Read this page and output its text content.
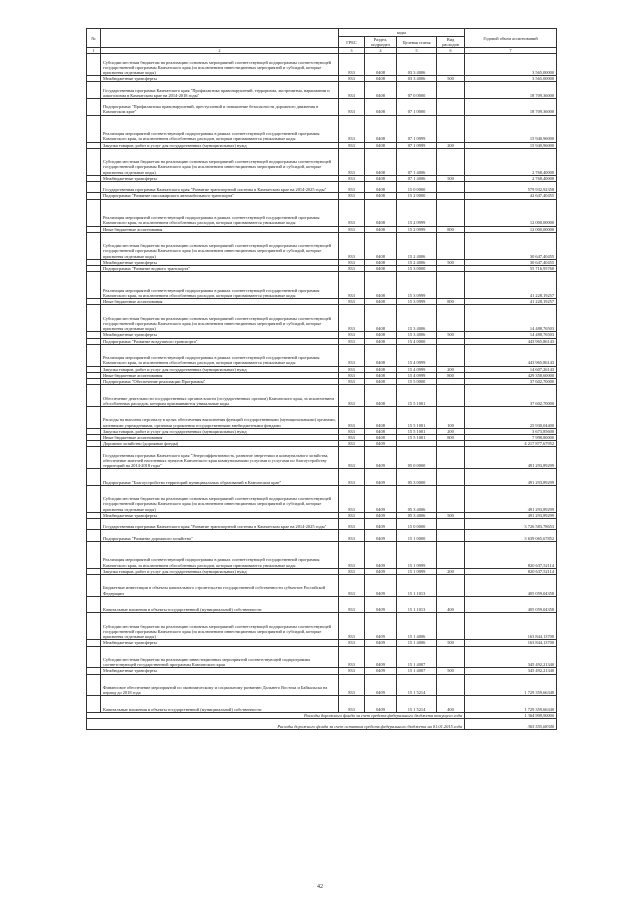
№		коды				Годовой объем ассигнований
		ГРБС	Раздел, подраздел	Целевая статья	Вид расходов	
1	2	3	4	5	6	7
	Субсидии местным бюджетам на реализацию основных мероприятий соответствующей подпрограммы соответствующей государственной программы Камчатского края (за исключением инвестиционных мероприятий и субсидий, которые присвоены отдельные коды)	833	0408	03 3 4006		3 565,00000
	Межбюджетные трансферты	833	0408	03 3 4006	500	3 565,00000
	Государственная программа Камчатского края "Профилактика правонарушений, терроризма, экстремизма, наркомании и алкоголизма в Камчатском крае на 2014-2018 годы"	833	0408	07 0 0000		18 709,36000
	Подпрограмма "Профилактика правонарушений, преступлений и повышение безопасности дорожного движения в Камчатском крае"	833	0408	07 1 0000		18 709,36000
	Реализация мероприятий соответствующей подпрограммы в рамках соответствующей государственной программы Камчатского края, за исключением обособленных расходов, которым присваиваются уникальные коды	833	0408	07 1 0999		15 940,96000
	Закупка товаров, работ и услуг для государственных (муниципальных) нужд	833	0408	07 1 0999	200	15 940,96000
	Субсидии местным бюджетам на реализацию основных мероприятий соответствующей подпрограммы соответствующей государственной программы Камчатского края (за исключением инвестиционных мероприятий и субсидий, которые присвоены отдельные коды)	833	0408	07 1 4006		2 768,40000
	Межбюджетные трансферты	833	0408	07 1 4006	500	2 768,40000
	Государственная программа Камчатского края "Развитие транспортной системы в Камчатском крае на 2014-2025 годы"	833	0408	15 0 0000		579 932,92358
	Подпрограмма "Развитие пассажирского автомобильного транспорта"	833	0408	15 2 0000		42 647,40455
	Реализация мероприятий соответствующей подпрограммы в рамках соответствующей государственной программы Камчатского края, за исключением обособленных расходов, которым присваиваются уникальные коды	833	0408	15 2 0999		12 000,00000
	Иные бюджетные ассигнования	833	0408	15 2 0999	800	12 000,00000
	Субсидии местным бюджетам на реализацию основных мероприятий соответствующей подпрограммы соответствующей государственной программы Камчатского края (за исключением инвестиционных мероприятий и субсидий, которые присвоены отдельные коды)	833	0408	15 2 4006		30 647,40455
	Межбюджетные трансферты	833	0408	15 2 4006	500	30 647,40455
	Подпрограмма "Развитие водного транспорта"	833	0408	15 3 0000		55 716,95760
	Реализация мероприятий соответствующей подпрограммы в рамках соответствующей государственной программы Камчатского края, за исключением обособленных расходов, которым присваиваются уникальные коды	833	0408	15 3 0999		41 228,19257
	Иные бюджетные ассигнования	833	0408	15 3 0999	800	41 228,19257
	Субсидии местным бюджетам на реализацию основных мероприятий соответствующей подпрограммы соответствующей государственной программы Камчатского края (за исключением инвестиционных мероприятий и субсидий, которые присвоены отдельные коды)	833	0408	15 3 4006		14 488,76503
	Межбюджетные трансферты	833	0408	15 3 4006	500	14 488,76503
	Подпрограмма "Развитие воздушного транспорта"	833	0408	15 4 0000		443 965,86143
	Реализация мероприятий соответствующей подпрограммы в рамках соответствующей государственной программы Камчатского края, за исключением обособленных расходов, которым присваиваются уникальные коды	833	0408	15 4 0999		443 965,86143
	Закупка товаров, работ и услуг для государственных (муниципальных) нужд	833	0408	15 4 0999	200	14 607,26143
	Иные бюджетные ассигнования	833	0408	15 4 0999	800	429 358,60000
	Подпрограмма "Обеспечение реализации Программы"	833	0408	15 5 0000		37 602,70000
	Обеспечение деятельности государственных органов власти (государственных органов) Камчатского края, за исключением обособленных расходов, которым присваиваются уникальные коды	833	0408	15 5 1001		37 602,70000
	Расходы на выплаты персоналу в целях обеспечения выполнения функций государственными (муниципальными) органами, казенными учреждениями, органами управления государственными внебюджетными фондами	833	0408	15 5 1001	100	25 930,04400
	Закупка товаров, работ и услуг для государственных (муниципальных) нужд	833	0408	15 5 1001	200	3 673,85600
	Иные бюджетные ассигнования	833	0408	15 5 1001	800	7 998,80000
	Дорожное хозяйство (дорожные фонды)	833	0409			4 217 877,67952
	Государственная программа Камчатского края "Энергоэффективность, развитие энергетики и коммунального хозяйства, обеспечение жителей населенных пунктов Камчатского края коммунальными услугами и услугами по благоустройству территорий на 2014-2018 годы"	833	0409	05 0 0000		491 293,89299
	Подпрограмма "Благоустройство территорий муниципальных образований в Камчатском крае"	833	0409	05 3 0000		491 293,89299
	Субсидии местным бюджетам на реализацию основных мероприятий соответствующей подпрограммы соответствующей государственной программы Камчатского края (за исключением инвестиционных мероприятий и субсидий, которые присвоены отдельные коды)	833	0409	05 3 4006		491 293,89299
	Межбюджетные трансферты	833	0409	05 3 4006	500	491 293,89299
	Государственная программа Камчатского края "Развитие транспортной системы в Камчатском крае на 2014-2025 годы"	833	0409	15 0 0000		3 726 583,78653
	Подпрограмма "Развитие дорожного хозяйства"	833	0409	15 1 0000		3 639 065,67852
	Реализация мероприятий соответствующей подпрограммы в рамках соответствующей государственной программы Камчатского края, за исключением обособленных расходов, которым присваиваются уникальные коды	833	0409	15 1 0999		820 637,52114
	Закупка товаров, работ и услуг для государственных (муниципальных) нужд	833	0409	15 1 0999	200	820 637,52114
	Бюджетные инвестиции в объекты капитального строительства государственной собственности субъектов Российской Федерации	833	0409	15 1 1013		405 059,04358
	Капитальные вложения в объекты государственной (муниципальной) собственности	833	0409	15 1 1013	400	405 059,04358
	Субсидии местным бюджетам на реализацию основных мероприятий соответствующей подпрограммы соответствующей государственной программы Камчатского края (за исключением инвестиционных мероприятий и субсидий, которые присвоены отдельные коды)	833	0409	15 1 4006		163 844,13700
	Межбюджетные трансферты	833	0409	15 1 4006	500	163 844,13700
	Субсидии местным бюджетам на реализацию инвестиционных мероприятий соответствующей подпрограммы соответствующей государственной программы Камчатского края	833	0409	15 1 4007		345 492,21340
	Межбюджетные трансферты	833	0409	15 1 4007	500	345 492,21340
	Финансовое обеспечение мероприятий по экономическому и социальному развитию Дальнего Востока и Байкальска на период до 2018 года	833	0409	15 1 5214		1 729 359,66340
	Капитальные вложения в объекты государственной (муниципальной) собственности	833	0409	15 1 5214	400	1 729 359,66340
Расходы дорожного фонда за счет средств федерального бюджета текущего года						1 364 909,90000
Расходы дорожного фонда за счет остатков средств федерального бюджета на 01.01.2015 года						365 555,68340
42
